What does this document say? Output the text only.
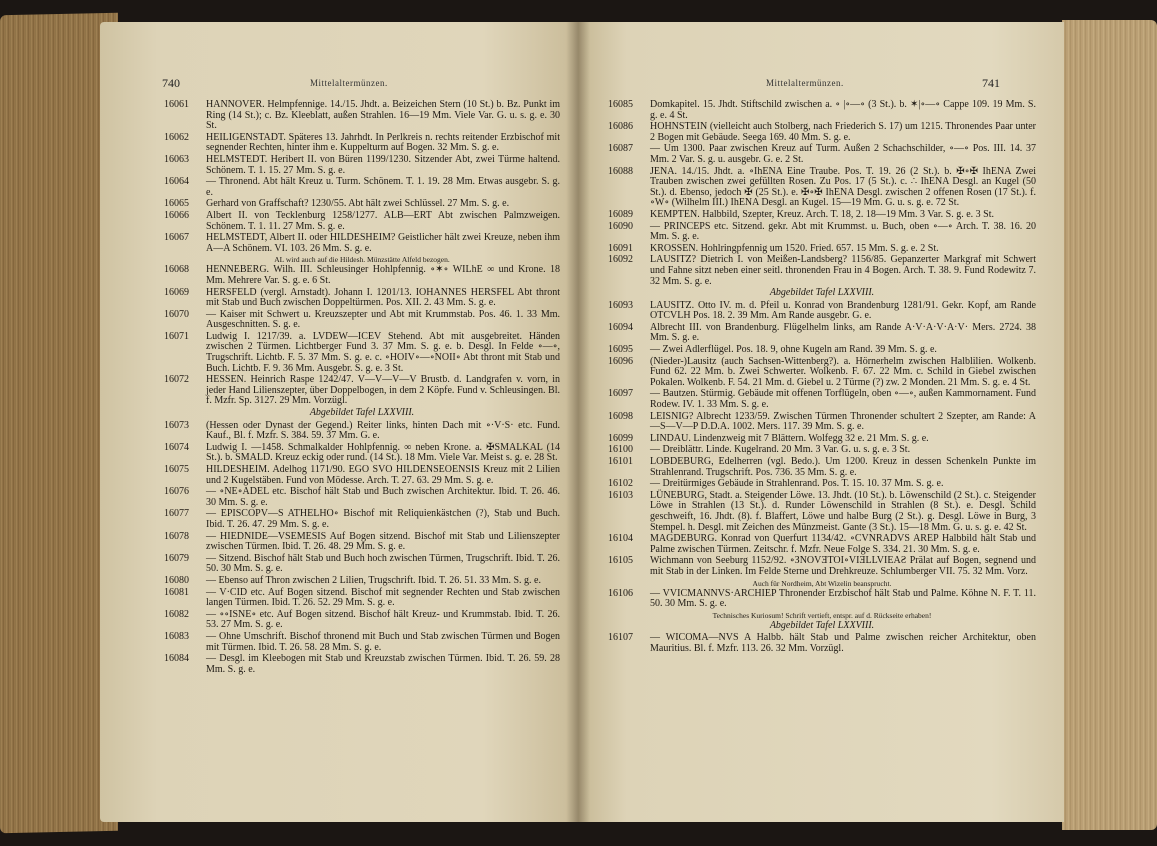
740	Mittelaltermünzen.
16061	HANNOVER. Helmpfennige. 14./15. Jhdt. a. Beizeichen Stern (10 St.) b. Bz. Punkt im Ring (14 St.); c. Bz. Kleeblatt, außen Strahlen. 16—19 Mm. Viele Var. G. u. s. g. e. 30 St.
16062	HEILIGENSTADT. Späteres 13. Jahrhdt. In Perlkreis n. rechts reitender Erzbischof mit segnender Rechten, hinter ihm e. Kuppelturm auf Bogen. 32 Mm. S. g. e.
16063	HELMSTEDT. Heribert II. von Büren 1199/1230. Sitzender Abt, zwei Türme haltend. Schönem. T. 1. 15. 27 Mm. S. g. e.
16064	— Thronend. Abt hält Kreuz u. Turm. Schönem. T. 1. 19. 28 Mm. Etwas ausgebr. S. g. e.
16065	Gerhard von Graffschaft? 1230/55. Abt hält zwei Schlüssel. 27 Mm. S. g. e.
16066	Albert II. von Tecklenburg 1258/1277. ALB—ERT Abt zwischen Palmzweigen. Schönem. T. 1. 11. 27 Mm. S. g. e.
16067	HELMSTEDT, Albert II. oder HILDESHEIM? Geistlicher hält zwei Kreuze, neben ihm A—A Schönem. VI. 103. 26 Mm. S. g. e.
AL wird auch auf die Hildesh. Münzstätte Alfeld bezogen.
16068	HENNEBERG. Wilh. III. Schleusinger Hohlpfennig. ∘✶∘ WILhE ∞ und Krone. 18 Mm. Mehrere Var. S. g. e. 6 St.
16069	HERSFELD (vergl. Arnstadt). Johann I. 1201/13. IOHANNES HERSFEL Abt thront mit Stab und Buch zwischen Doppeltürmen. Pos. XII. 2. 43 Mm. S. g. e.
16070	— Kaiser mit Schwert u. Kreuzszepter und Abt mit Krummstab. Pos. 46. 1. 33 Mm. Ausgeschnitten. S. g. e.
16071	Ludwig I. 1217/39. a. LVDEW—ICEV Stehend. Abt mit ausgebreitet. Händen zwischen 2 Türmen. Lichtberger Fund 3. 37 Mm. S. g. e. b. Desgl. In Felde ∘—∘, Trugschrift. Lichtb. F. 5. 37 Mm. S. g. e. c. ∘HOIV∘—∘NOII∘ Abt thront mit Stab und Buch. Lichtb. F. 9. 36 Mm. Ausgebr. S. g. e. 3 St.
16072	HESSEN. Heinrich Raspe 1242/47. V—V—V—V Brustb. d. Landgrafen v. vorn, in jeder Hand Lilienszepter, über Doppelbogen, in dem 2 Köpfe. Fund v. Schleusingen. Bl. f. Mzfr. Sp. 3127. 29 Mm. Vorzügl.
Abgebildet Tafel LXXVIII.
16073	(Hessen oder Dynast der Gegend.) Reiter links, hinten Dach mit ∘·V·S· etc. Fund. Kauf., Bl. f. Mzfr. S. 384. 59. 37 Mm. G. e.
16074	Ludwig I. —1458. Schmalkalder Hohlpfennig. ∞ neben Krone. a. ✠SMALKAL (14 St.). b. SMALD. Kreuz eckig oder rund. (14 St.). 18 Mm. Viele Var. Meist s. g. e. 28 St.
16075	HILDESHEIM. Adelhog 1171/90. EGO SVO HILDENSEOENSIS Kreuz mit 2 Lilien und 2 Kugelstäben. Fund von Mödesse. Arch. T. 27. 63. 29 Mm. S. g. e.
16076	— ∘NE∘ADEL etc. Bischof hält Stab und Buch zwischen Architektur. Ibid. T. 26. 46. 30 Mm. S. g. e.
16077	— EPISCOPV—S ATHELHO∘ Bischof mit Reliquienkästchen (?), Stab und Buch. Ibid. T. 26. 47. 29 Mm. S. g. e.
16078	— HIEDNIDE—VSEMESIS Auf Bogen sitzend. Bischof mit Stab und Lilienszepter zwischen Türmen. Ibid. T. 26. 48. 29 Mm. S. g. e.
16079	— Sitzend. Bischof hält Stab und Buch hoch zwischen Türmen, Trugschrift. Ibid. T. 26. 50. 30 Mm. S. g. e.
16080	— Ebenso auf Thron zwischen 2 Lilien, Trugschrift. Ibid. T. 26. 51. 33 Mm. S. g. e.
16081	— V·CID etc. Auf Bogen sitzend. Bischof mit segnender Rechten und Stab zwischen langen Türmen. Ibid. T. 26. 52. 29 Mm. S. g. e.
16082	— ∘∘ISNE∘ etc. Auf Bogen sitzend. Bischof hält Kreuz- und Krummstab. Ibid. T. 26. 53. 27 Mm. S. g. e.
16083	— Ohne Umschrift. Bischof thronend mit Buch und Stab zwischen Türmen und Bogen mit Türmen. Ibid. T. 26. 58. 28 Mm. S. g. e.
16084	— Desgl. im Kleebogen mit Stab und Kreuzstab zwischen Türmen. Ibid. T. 26. 59. 28 Mm. S. g. e.
Mittelaltermünzen.	741
16085	Domkapitel. 15. Jhdt. Stiftschild zwischen a. ∘ |∘—∘ (3 St.). b. ✶|∘—∘ Cappe 109. 19 Mm. S. g. e. 4 St.
16086	HOHNSTEIN (vielleicht auch Stolberg, nach Friederich S. 17) um 1215. Thronendes Paar unter 2 Bogen mit Gebäude. Seega 169. 40 Mm. S. g. e.
16087	— Um 1300. Paar zwischen Kreuz auf Turm. Außen 2 Schachschilder, ∘—∘ Pos. III. 14. 37 Mm. 2 Var. S. g. u. ausgebr. G. e. 2 St.
16088	JENA. 14./15. Jhdt. a. ∘IhENA Eine Traube. Pos. T. 19. 26 (2 St.). b. ✠∘✠ IhENA Zwei Trauben zwischen zwei gefüllten Rosen. Zu Pos. 17 (5 St.). c. ∴ IhENA Desgl. an Kugel (50 St.). d. Ebenso, jedoch ✠ (25 St.). e. ✠∘✠ IhENA Desgl. zwischen 2 offenen Rosen (17 St.). f. ∘W∘ (Wilhelm III.) IhENA Desgl. an Kugel. 15—19 Mm. G. u. s. g. e. 72 St.
16089	KEMPTEN. Halbbild, Szepter, Kreuz. Arch. T. 18, 2. 18—19 Mm. 3 Var. S. g. e. 3 St.
16090	— PRINCEPS etc. Sitzend. gekr. Abt mit Krummst. u. Buch, oben ∘—∘ Arch. T. 38. 16. 20 Mm. S. g. e.
16091	KROSSEN. Hohlringpfennig um 1520. Fried. 657. 15 Mm. S. g. e. 2 St.
16092	LAUSITZ? Dietrich I. von Meißen-Landsberg? 1156/85. Gepanzerter Markgraf mit Schwert und Fahne sitzt neben einer seitl. thronenden Frau in 4 Bogen. Arch. T. 38. 9. Fund Rodewitz 7. 32 Mm. S. g. e.
Abgebildet Tafel LXXVIII.
16093	LAUSITZ. Otto IV. m. d. Pfeil u. Konrad von Brandenburg 1281/91. Gekr. Kopf, am Rande OTCVLH Pos. 18. 2. 39 Mm. Am Rande ausgebr. G. e.
16094	Albrecht III. von Brandenburg. Flügelhelm links, am Rande A·V·A·V·A·V· Mers. 2724. 38 Mm. S. g. e.
16095	— Zwei Adlerflügel. Pos. 18. 9, ohne Kugeln am Rand. 39 Mm. S. g. e.
16096	(Nieder-)Lausitz (auch Sachsen-Wittenberg?). a. Hörnerhelm zwischen Halblilien. Wolkenb. Fund 62. 22 Mm. b. Zwei Schwerter. Wolkenb. F. 67. 22 Mm. c. Schild in Giebel zwischen Pokalen. Wolkenb. F. 54. 21 Mm. d. Giebel u. 2 Türme (?) zw. 2 Monden. 21 Mm. S. g. e. 4 St.
16097	— Bautzen. Stürmig. Gebäude mit offenen Torflügeln, oben ∘—∘, außen Kammornament. Fund Rodew. IV. 1. 33 Mm. S. g. e.
16098	LEISNIG? Albrecht 1233/59. Zwischen Türmen Thronender schultert 2 Szepter, am Rande: A—S—V—P D.D.A. 1002. Mers. 117. 39 Mm. S. g. e.
16099	LINDAU. Lindenzweig mit 7 Blättern. Wolfegg 32 e. 21 Mm. S. g. e.
16100	— Dreiblättr. Linde. Kugelrand. 20 Mm. 3 Var. G. u. s. g. e. 3 St.
16101	LOBDEBURG, Edelherren (vgl. Bedo.). Um 1200. Kreuz in dessen Schenkeln Punkte im Strahlenrand. Trugschrift. Pos. 736. 35 Mm. S. g. e.
16102	— Dreitürmiges Gebäude in Strahlenrand. Pos. T. 15. 10. 37 Mm. S. g. e.
16103	LÜNEBURG, Stadt. a. Steigender Löwe. 13. Jhdt. (10 St.). b. Löwenschild (2 St.). c. Steigender Löwe in Strahlen (13 St.). d. Runder Löwenschild in Strahlen (8 St.). e. Desgl. Schild geschweift, 16. Jhdt. (8). f. Blaffert, Löwe und halbe Burg (2 St.). g. Desgl. Löwe in Burg, 3 Stempel. h. Desgl. mit Zeichen des Münzmeist. Gante (3 St.). 15—18 Mm. G. u. s. g. e. 42 St.
16104	MAGDEBURG. Konrad von Querfurt 1134/42. ∘CVNRADVS AREP Halbbild hält Stab und Palme zwischen Türmen. Zeitschr. f. Mzfr. Neue Folge S. 334. 21. 30 Mm. S. g. e.
16105	Wichmann von Seeburg 1152/92. ∘ЗNOVƎTOI∘VIƎLLVIEAƧ Prälat auf Bogen, segnend und mit Stab in der Linken. Im Felde Sterne und Drehkreuze. Schlumberger VII. 75. 32 Mm. Vorz.
Auch für Nordheim, Abt Wizelin beansprucht.
16106	— VVICMANNVS·ARCHIEP Thronender Erzbischof hält Stab und Palme. Köhne N. F. T. 11. 50. 30 Mm. S. g. e.
Technisches Kuriosum! Schrift vertieft, entspr. auf d. Rückseite erhaben!
Abgebildet Tafel LXXVIII.
16107	— WICOMA—NVS A Halbb. hält Stab und Palme zwischen reicher Architektur, oben Mauritius. Bl. f. Mzfr. 113. 26. 32 Mm. Vorzügl.
